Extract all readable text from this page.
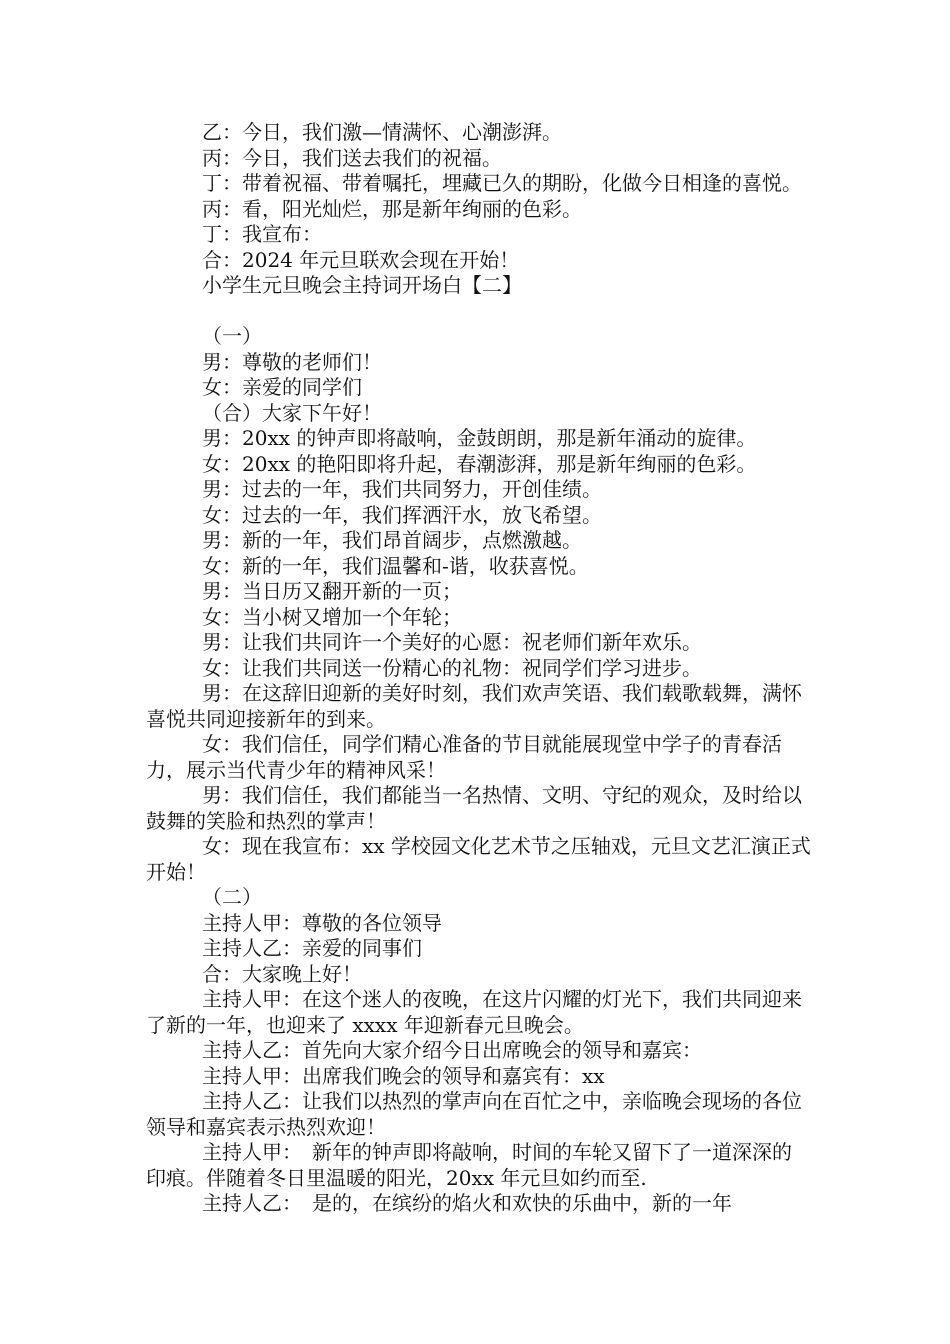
乙：今日，我们激—情满怀、心潮澎湃。

丙：今日，我们送去我们的祝福。

丁：带着祝福、带着嘱托，埋藏已久的期盼，化做今日相逢的喜悦。

丙：看，阳光灿烂，那是新年绚丽的色彩。

丁：我宣布：

合：2024 年元旦联欢会现在开始！

小学生元旦晚会主持词开场白【二】

（一）

男：尊敬的老师们！

女：亲爱的同学们

（合）大家下午好！

男：20xx 的钟声即将敲响，金鼓朗朗，那是新年涌动的旋律。

女：20xx 的艳阳即将升起，春潮澎湃，那是新年绚丽的色彩。

男：过去的一年，我们共同努力，开创佳绩。

女：过去的一年，我们挥洒汗水，放飞希望。

男：新的一年，我们昂首阔步，点燃激越。

女：新的一年，我们温馨和-谐，收获喜悦。

男：当日历又翻开新的一页；

女：当小树又增加一个年轮；

男：让我们共同许一个美好的心愿：祝老师们新年欢乐。

女：让我们共同送一份精心的礼物：祝同学们学习进步。

男：在这辞旧迎新的美好时刻，我们欢声笑语、我们载歌载舞，满怀喜悦共同迎接新年的到来。

女：我们信任，同学们精心准备的节目就能展现堂中学子的青春活力，展示当代青少年的精神风采！

男：我们信任，我们都能当一名热情、文明、守纪的观众，及时给以鼓舞的笑脸和热烈的掌声！

女：现在我宣布：xx 学校园文化艺术节之压轴戏，元旦文艺汇演正式开始！

（二）

主持人甲：尊敬的各位领导

主持人乙：亲爱的同事们

合：大家晚上好！

主持人甲：在这个迷人的夜晚，在这片闪耀的灯光下，我们共同迎来了新的一年，也迎来了 xxxx 年迎新春元旦晚会。

主持人乙：首先向大家介绍今日出席晚会的领导和嘉宾：

主持人甲：出席我们晚会的领导和嘉宾有：xx

主持人乙：让我们以热烈的掌声向在百忙之中，亲临晚会现场的各位领导和嘉宾表示热烈欢迎！

主持人甲：　新年的钟声即将敲响，时间的车轮又留下了一道深深的印痕。伴随着冬日里温暖的阳光，20xx 年元旦如约而至.

主持人乙：　是的，在缤纷的焰火和欢快的乐曲中，新的一年
